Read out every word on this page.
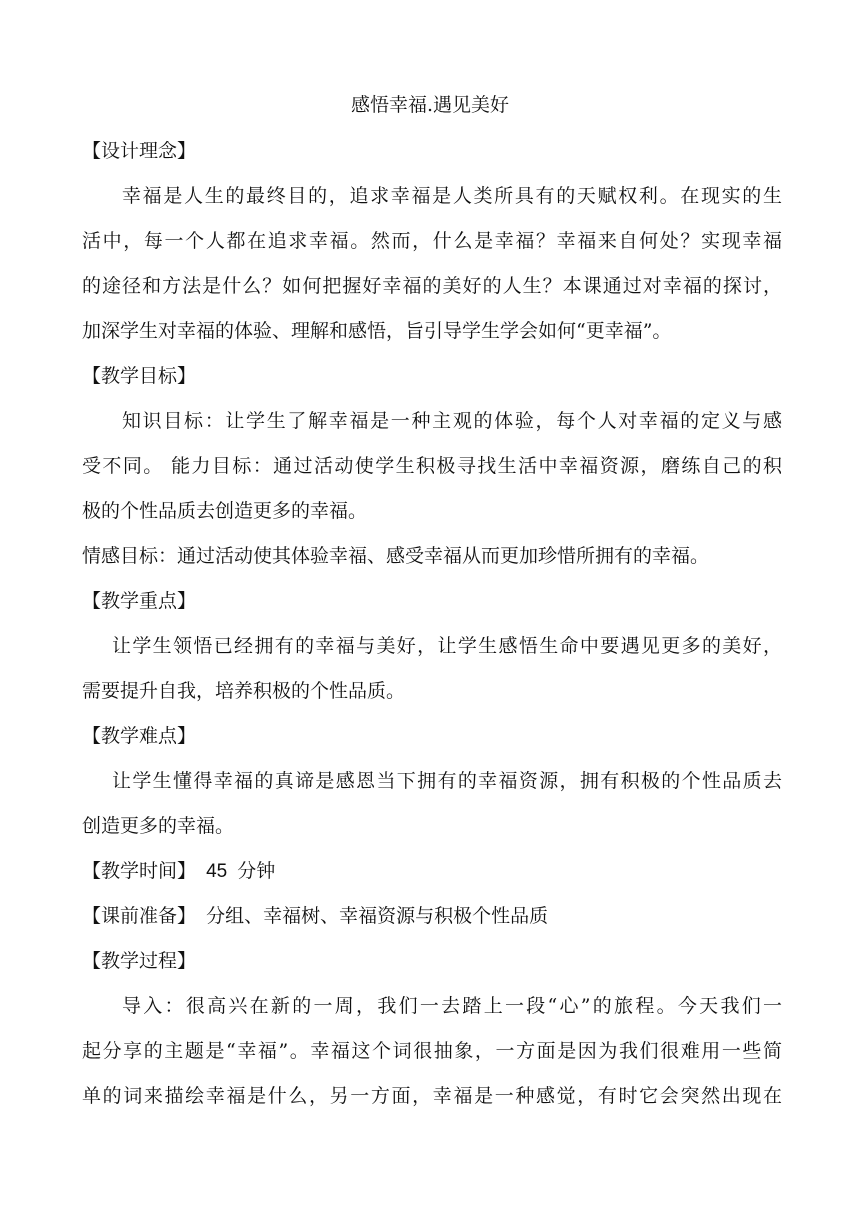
感悟幸福.遇见美好
【设计理念】
幸福是人生的最终目的，追求幸福是人类所具有的天赋权利。在现实的生
活中，每一个人都在追求幸福。然而，什么是幸福？幸福来自何处？实现幸福
的途径和方法是什么？如何把握好幸福的美好的人生？本课通过对幸福的探讨，
加深学生对幸福的体验、理解和感悟，旨引导学生学会如何“更幸福”。
【教学目标】
知识目标：让学生了解幸福是一种主观的体验，每个人对幸福的定义与感
受不同。 能力目标：通过活动使学生积极寻找生活中幸福资源，磨练自己的积
极的个性品质去创造更多的幸福。
情感目标：通过活动使其体验幸福、感受幸福从而更加珍惜所拥有的幸福。
【教学重点】
让学生领悟已经拥有的幸福与美好，让学生感悟生命中要遇见更多的美好，
需要提升自我，培养积极的个性品质。
【教学难点】
让学生懂得幸福的真谛是感恩当下拥有的幸福资源，拥有积极的个性品质去
创造更多的幸福。
【教学时间】 45 分钟
【课前准备】 分组、幸福树、幸福资源与积极个性品质
【教学过程】
导入：很高兴在新的一周，我们一去踏上一段“心”的旅程。今天我们一
起分享的主题是“幸福”。幸福这个词很抽象，一方面是因为我们很难用一些简
单的词来描绘幸福是什么，另一方面，幸福是一种感觉，有时它会突然出现在
